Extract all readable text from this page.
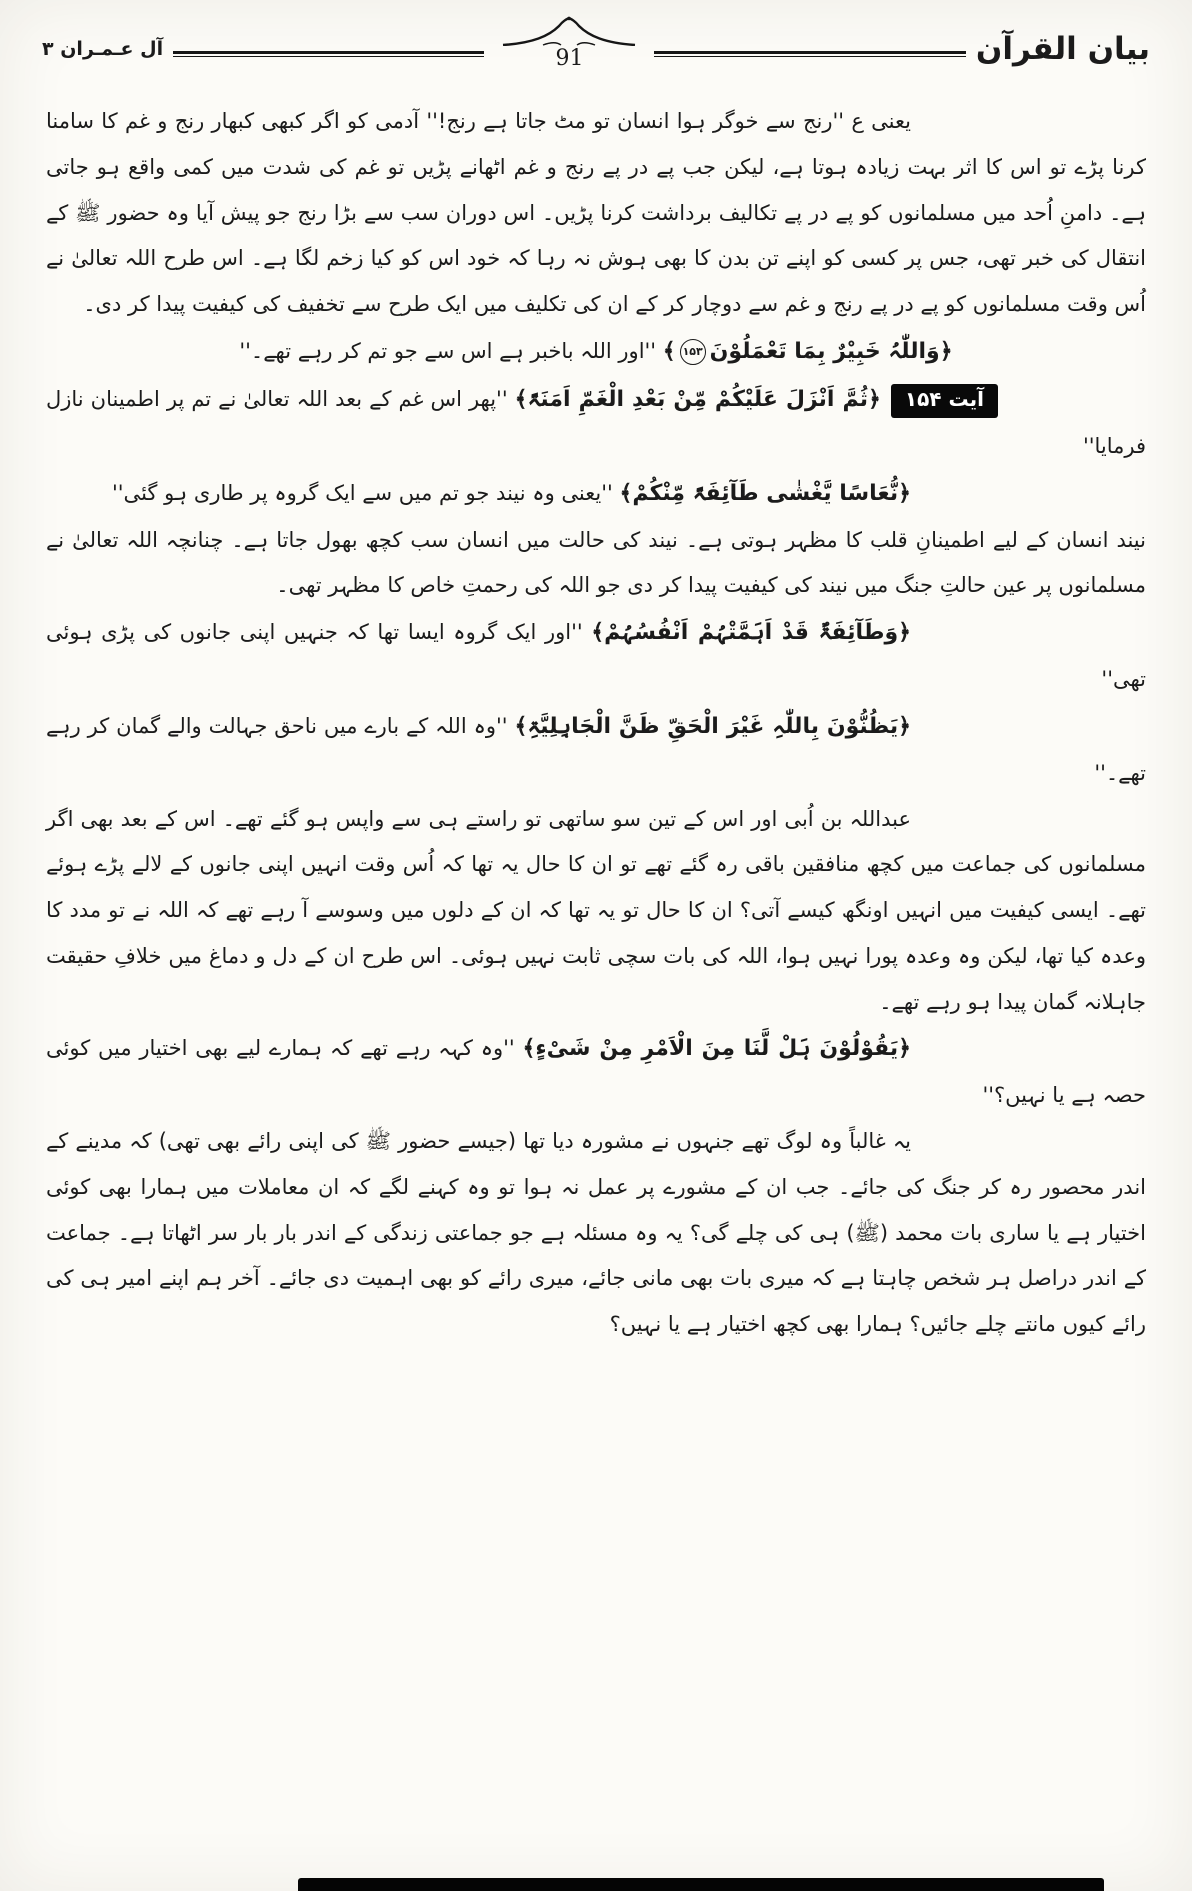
بیان القرآن
91
آل عـمـران ٣

یعنی ع ''رنج سے خوگر ہوا انسان تو مٹ جاتا ہے رنج!'' آدمی کو اگر کبھی کبھار رنج و غم کا سامنا کرنا پڑے تو اس کا اثر بہت زیادہ ہوتا ہے، لیکن جب پے در پے رنج و غم اٹھانے پڑیں تو غم کی شدت میں کمی واقع ہو جاتی ہے۔ دامنِ اُحد میں مسلمانوں کو پے در پے تکالیف برداشت کرنا پڑیں۔ اس دوران سب سے بڑا رنج جو پیش آیا وہ حضور ﷺ کے انتقال کی خبر تھی، جس پر کسی کو اپنے تن بدن کا بھی ہوش نہ رہا کہ خود اس کو کیا زخم لگا ہے۔ اس طرح اللہ تعالیٰ نے اُس وقت مسلمانوں کو پے در پے رنج و غم سے دوچار کر کے ان کی تکلیف میں ایک طرح سے تخفیف کی کیفیت پیدا کر دی۔

﴿وَاللّٰہُ خَبِیْرٌ بِمَا تَعْمَلُوْنَ۱۵۳﴾ ''اور اللہ باخبر ہے اس سے جو تم کر رہے تھے۔''

آیت ۱۵۴﴿ثُمَّ اَنْزَلَ عَلَیْکُمْ مِّنْ بَعْدِ الْغَمِّ اَمَنَۃً﴾ ''پھر اس غم کے بعد اللہ تعالیٰ نے تم پر اطمینان نازل فرمایا''

﴿نُّعَاسًا یَّغْشٰی طَآئِفَۃً مِّنْکُمْ﴾ ''یعنی وہ نیند جو تم میں سے ایک گروہ پر طاری ہو گئی''

نیند انسان کے لیے اطمینانِ قلب کا مظہر ہوتی ہے۔ نیند کی حالت میں انسان سب کچھ بھول جاتا ہے۔ چنانچہ اللہ تعالیٰ نے مسلمانوں پر عین حالتِ جنگ میں نیند کی کیفیت پیدا کر دی جو اللہ کی رحمتِ خاص کا مظہر تھی۔

﴿وَطَآئِفَۃٌ قَدْ اَہَمَّتْہُمْ اَنْفُسُہُمْ﴾ ''اور ایک گروہ ایسا تھا کہ جنہیں اپنی جانوں کی پڑی ہوئی تھی''

﴿یَظُنُّوْنَ بِاللّٰہِ غَیْرَ الْحَقِّ ظَنَّ الْجَاہِلِیَّۃِ﴾ ''وہ اللہ کے بارے میں ناحق جہالت والے گمان کر رہے تھے۔''

عبداللہ بن اُبی اور اس کے تین سو ساتھی تو راستے ہی سے واپس ہو گئے تھے۔ اس کے بعد بھی اگر مسلمانوں کی جماعت میں کچھ منافقین باقی رہ گئے تھے تو ان کا حال یہ تھا کہ اُس وقت انہیں اپنی جانوں کے لالے پڑے ہوئے تھے۔ ایسی کیفیت میں انہیں اونگھ کیسے آتی؟ ان کا حال تو یہ تھا کہ ان کے دلوں میں وسوسے آ رہے تھے کہ اللہ نے تو مدد کا وعدہ کیا تھا، لیکن وہ وعدہ پورا نہیں ہوا، اللہ کی بات سچی ثابت نہیں ہوئی۔ اس طرح ان کے دل و دماغ میں خلافِ حقیقت جاہلانہ گمان پیدا ہو رہے تھے۔

﴿یَقُوْلُوْنَ ہَلْ لَّنَا مِنَ الْاَمْرِ مِنْ شَیْءٍ﴾ ''وہ کہہ رہے تھے کہ ہمارے لیے بھی اختیار میں کوئی حصہ ہے یا نہیں؟''

یہ غالباً وہ لوگ تھے جنہوں نے مشورہ دیا تھا (جیسے حضور ﷺ کی اپنی رائے بھی تھی) کہ مدینے کے اندر محصور رہ کر جنگ کی جائے۔ جب ان کے مشورے پر عمل نہ ہوا تو وہ کہنے لگے کہ ان معاملات میں ہمارا بھی کوئی اختیار ہے یا ساری بات محمد (ﷺ) ہی کی چلے گی؟ یہ وہ مسئلہ ہے جو جماعتی زندگی کے اندر بار بار سر اٹھاتا ہے۔ جماعت کے اندر دراصل ہر شخص چاہتا ہے کہ میری بات بھی مانی جائے، میری رائے کو بھی اہمیت دی جائے۔ آخر ہم اپنے امیر ہی کی رائے کیوں مانتے چلے جائیں؟ ہمارا بھی کچھ اختیار ہے یا نہیں؟
